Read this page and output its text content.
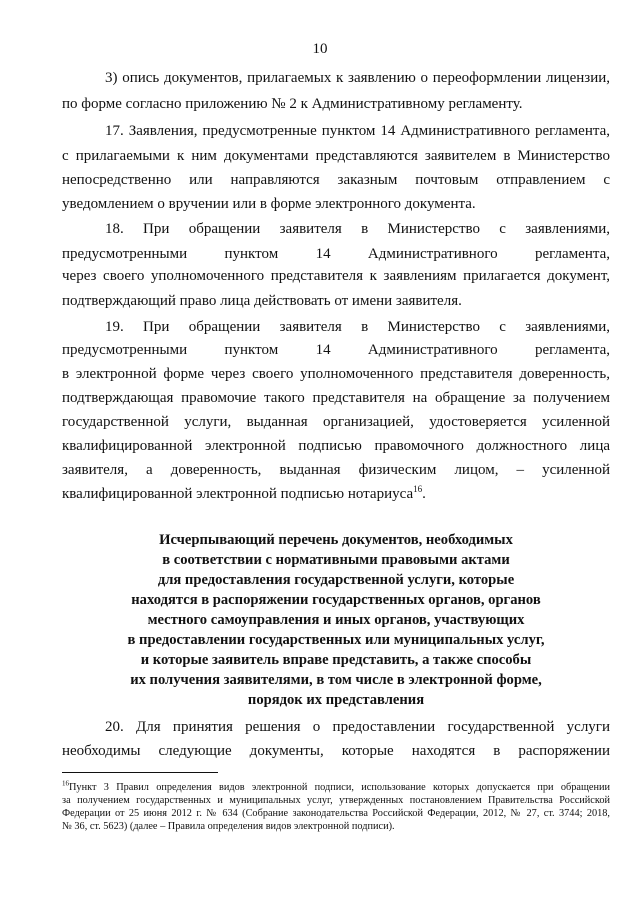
10
3) опись документов, прилагаемых к заявлению о переоформлении лицензии,
по форме согласно приложению № 2 к Административному регламенту.
17. Заявления, предусмотренные пунктом 14 Административного регламента,
с прилагаемыми к ним документами представляются заявителем в Министерство
непосредственно или направляются заказным почтовым отправлением с
уведомлением о вручении или в форме электронного документа.
18. При обращении заявителя в Министерство с заявлениями,
предусмотренными пунктом 14 Административного регламента,
через своего уполномоченного представителя к заявлениям прилагается документ,
подтверждающий право лица действовать от имени заявителя.
19. При обращении заявителя в Министерство с заявлениями,
предусмотренными пунктом 14 Административного регламента,
в электронной форме через своего уполномоченного представителя доверенность,
подтверждающая правомочие такого представителя на обращение за получением
государственной услуги, выданная организацией, удостоверяется усиленной
квалифицированной электронной подписью правомочного должностного лица
заявителя, а доверенность, выданная физическим лицом, – усиленной
квалифицированной электронной подписью нотариуса$^{16}$.
Исчерпывающий перечень документов, необходимых
в соответствии с нормативными правовыми актами
для предоставления государственной услуги, которые
находятся в распоряжении государственных органов, органов
местного самоуправления и иных органов, участвующих
в предоставлении государственных или муниципальных услуг,
и которые заявитель вправе представить, а также способы
их получения заявителями, в том числе в электронной форме,
порядок их представления
20. Для принятия решения о предоставлении государственной услуги
необходимы следующие документы, которые находятся в распоряжении
$^{16}$Пункт 3 Правил определения видов электронной подписи, использование которых допускается при обращении
за получением государственных и муниципальных услуг, утвержденных постановлением Правительства Российской
Федерации от 25 июня 2012 г. № 634 (Собрание законодательства Российской Федерации, 2012, № 27, ст. 3744; 2018,
№ 36, ст. 5623) (далее – Правила определения видов электронной подписи).
